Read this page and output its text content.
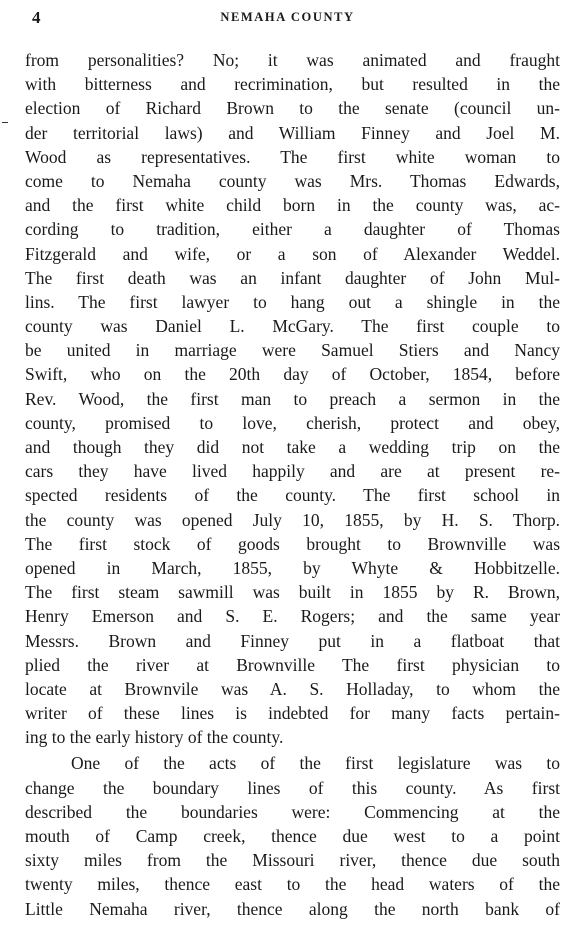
4	NEMAHA COUNTY
from personalities? No; it was animated and fraught
with bitterness and recrimination, but resulted in the
election of Richard Brown to the senate (council un-
der territorial laws) and William Finney and Joel M.
Wood as representatives. The first white woman to
come to Nemaha county was Mrs. Thomas Edwards,
and the first white child born in the county was, ac-
cording to tradition, either a daughter of Thomas
Fitzgerald and wife, or a son of Alexander Weddel.
The first death was an infant daughter of John Mul-
lins. The first lawyer to hang out a shingle in the
county was Daniel L. McGary. The first couple to
be united in marriage were Samuel Stiers and Nancy
Swift, who on the 20th day of October, 1854, before
Rev. Wood, the first man to preach a sermon in the
county, promised to love, cherish, protect and obey,
and though they did not take a wedding trip on the
cars they have lived happily and are at present re-
spected residents of the county. The first school in
the county was opened July 10, 1855, by H. S. Thorp.
The first stock of goods brought to Brownville was
opened in March, 1855, by Whyte & Hobbitzelle.
The first steam sawmill was built in 1855 by R. Brown,
Henry Emerson and S. E. Rogers; and the same year
Messrs. Brown and Finney put in a flatboat that
plied the river at Brownville The first physician to
locate at Brownvile was A. S. Holladay, to whom the
writer of these lines is indebted for many facts pertain-
ing to the early history of the county.
One of the acts of the first legislature was to
change the boundary lines of this county. As first
described the boundaries were: Commencing at the
mouth of Camp creek, thence due west to a point
sixty miles from the Missouri river, thence due south
twenty miles, thence east to the head waters of the
Little Nemaha river, thence along the north bank of
